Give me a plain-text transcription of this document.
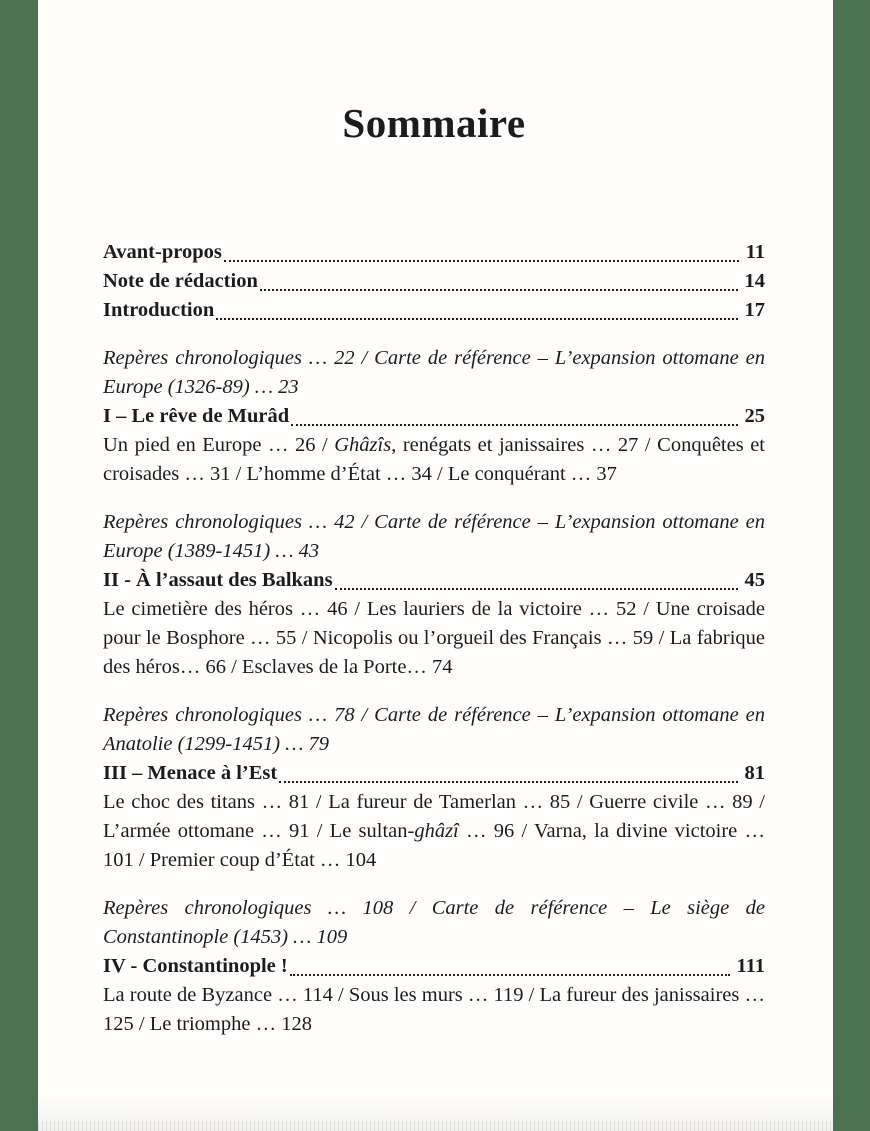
Sommaire
Avant-propos	11
Note de rédaction	14
Introduction	17

Repères chronologiques … 22 / Carte de référence – L’expansion ottomane en Europe (1326-89) … 23

I – Le rêve de Murâd	25

Un pied en Europe … 26 / Ghâzîs, renégats et janissaires … 27 / Conquêtes et croisades … 31 / L’homme d’État … 34 / Le conquérant … 37

Repères chronologiques … 42 / Carte de référence – L’expansion ottomane en Europe (1389-1451) … 43

II - À l’assaut des Balkans	45

Le cimetière des héros … 46 / Les lauriers de la victoire … 52 / Une croisade pour le Bosphore … 55 / Nicopolis ou l’orgueil des Français … 59 / La fabrique des héros… 66 / Esclaves de la Porte… 74

Repères chronologiques … 78 / Carte de référence – L’expansion ottomane en Anatolie (1299-1451) … 79

III – Menace à l’Est	81

Le choc des titans … 81 / La fureur de Tamerlan … 85 / Guerre civile … 89 / L’armée ottomane … 91 / Le sultan-ghâzî … 96 / Varna, la divine victoire … 101 / Premier coup d’État … 104

Repères chronologiques … 108 / Carte de référence – Le siège de Constantinople (1453) … 109

IV - Constantinople !	111

La route de Byzance … 114 / Sous les murs … 119 / La fureur des janissaires … 125 / Le triomphe … 128
